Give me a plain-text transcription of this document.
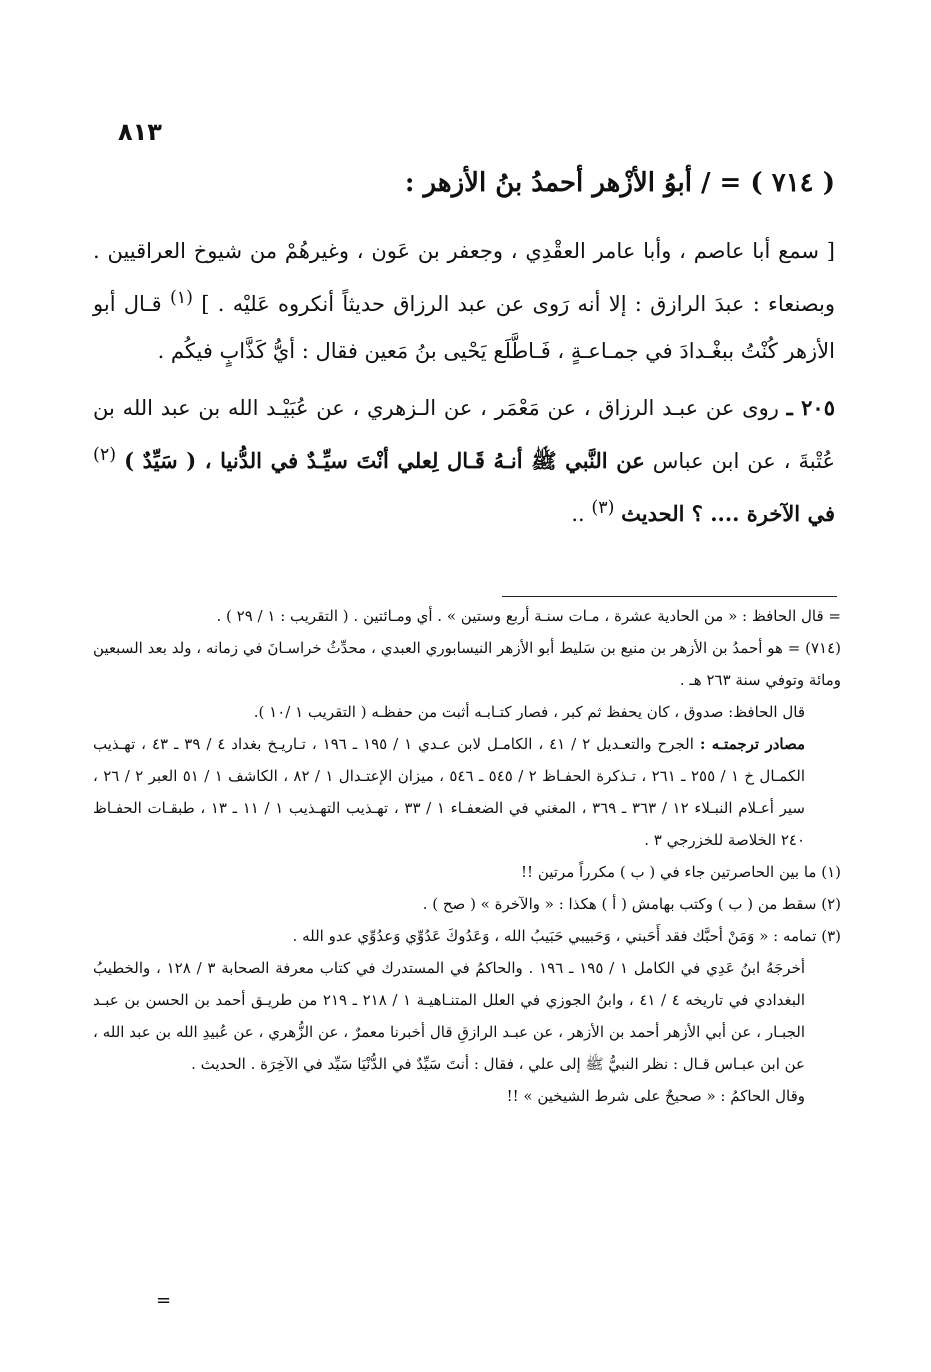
٨١٣
( ٧١٤ ) = / أبوُ الأزْهر أحمدُ بنُ الأزهر :

[ سمع أبا عاصم ، وأبا عامر العقْدِي ، وجعفر بن عَون ، وغيرهُمْ من شيوخ العراقيين . وبصنعاء : عبدَ الرازق : إلا أنه رَوى عن عبد الرزاق حديثاً أنكروه عَليْه . ] $^{(١)}$ قـال أبو الأزهر كُنْتُ ببغْـدادَ في جمـاعـةٍ ، فَـاطَّلَع يَحْيى بنُ مَعين فقال : أيُّ كَذَّابٍ فيكُم .

٢٠٥ ـ روى عن عبـد الرزاق ، عن مَعْمَر ، عن الـزهري ، عن عُبَيْـد الله بن عبد الله بن عُتْبةَ ، عن ابن عباس عن النَّبي ﷺ أنـهُ قَـال لِعلي أنْتَ سيِّـدٌ في الدُّنيا ، ( سَيِّدٌ ) $^{(٢)}$ في الآخرة .... ؟ الحديث $^{(٣)}$ ..

= قال الحافظ : « من الحادية عشرة ، مـات سنـة أربع وستين » . أي ومـائتين . ( التقريب : ١ / ٢٩ ) .

(٧١٤) = هو أحمدُ بن الأزهر بن منيع بن سَليط أبو الأزهر النيسابوري العبدي ، محدِّثُ خراسـانَ في زمانه ، ولد بعد السبعين ومائة وتوفي سنة ٢٦٣ هـ .

قال الحافظ: صدوق ، كان يحفظ ثم كبر ، فصار كتـابـه أثبت من حفظـه ( التقريب ١ /١٠ ).

مصادر ترجمتـه : الجرح والتعـديل ٢ / ٤١ ، الكامـل لابن عـدي ١ / ١٩٥ ـ ١٩٦ ، تـاريـخ بغداد ٤ / ٣٩ ـ ٤٣ ، تهـذيب الكمـال خ ١ / ٢٥٥ ـ ٢٦١ ، تـذكرة الحفـاظ ٢ / ٥٤٥ ـ ٥٤٦ ، ميزان الإعتـدال ١ / ٨٢ ، الكاشف ١ / ٥١ العبر ٢ / ٢٦ ، سير أعـلام النبـلاء ١٢ / ٣٦٣ ـ ٣٦٩ ، المغني في الضعفـاء ١ / ٣٣ ، تهـذيب التهـذيب ١ / ١١ ـ ١٣ ، طبقـات الحفـاظ ٢٤٠ الخلاصة للخزرجي ٣ .

(١) ما بين الحاصرتين جاء في ( ب ) مكرراً مرتين !!

(٢) سقط من ( ب ) وكتب بهامش ( أ ) هكذا : « والآخرة » ( صح ) .

(٣) تمامه : « وَمَنْ أحبَّك فقد أَحَبني ، وَحَبيبي حَبَيبُ الله ، وَعَدُوكَ عَدُوِّي وَعدُوِّي عدو الله .

أخرجَهُ ابنُ عَدِي في الكامل ١ / ١٩٥ ـ ١٩٦ . والحاكمُ في المستدرك في كتاب معرفة الصحابة ٣ / ١٢٨ ، والخطيبُ البغدادي في تاريخه ٤ / ٤١ ، وابنُ الجوزي في العلل المتنـاهيـة ١ / ٢١٨ ـ ٢١٩ من طريـق أحمد بن الحسن بن عبـد الجبـار ، عن أبي الأزهر أحمد بن الأزهر ، عن عبـد الرازقِ قال أخبرنا معمرٌ ، عن الزُّهري ، عن عُبيدِ الله بن عبد الله ، عن ابن عبـاس قـال : نظر النبيُّ ﷺ إلى علي ، فقال : أنتَ سَيِّدٌ في الدُّنْيَا سَيِّد في الآخِرَة . الحديث .

وقال الحاكمُ : « صحيحٌ على شرط الشيخين » !!

=
